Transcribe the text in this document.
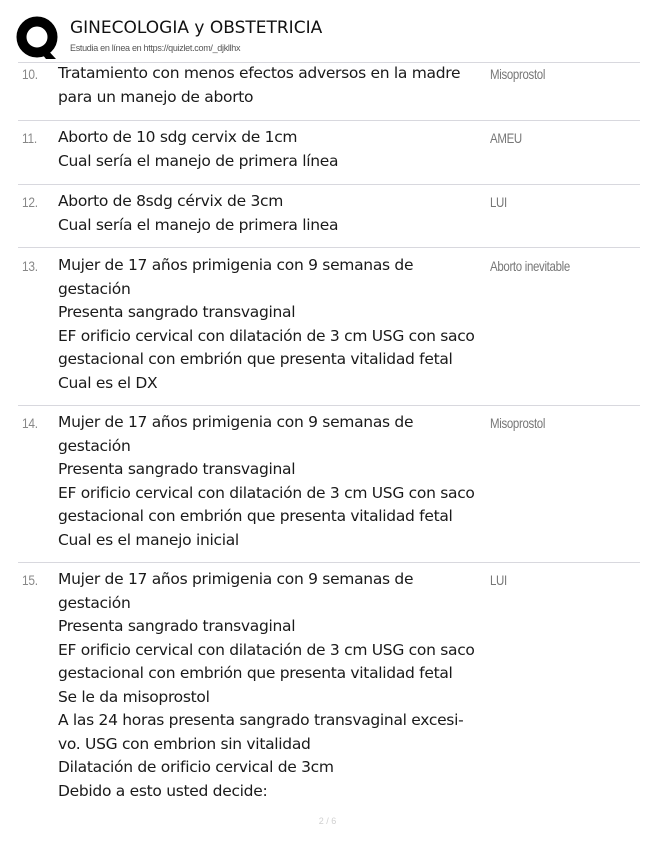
GINECOLOGIA y OBSTETRICIA
Estudia en línea en https://quizlet.com/_djkllhx
10. Tratamiento con menos efectos adversos en la madre
para un manejo de aborto
Misoprostol
11. Aborto de 10 sdg cervix de 1cm
Cual sería el manejo de primera línea
AMEU
12. Aborto de 8sdg cérvix de 3cm
Cual sería el manejo de primera linea
LUI
13. Mujer de 17 años primigenia con 9 semanas de
gestación
Presenta sangrado transvaginal
EF orificio cervical con dilatación de 3 cm USG con saco
gestacional con embrión que presenta vitalidad fetal
Cual es el DX
Aborto inevitable
14. Mujer de 17 años primigenia con 9 semanas de
gestación
Presenta sangrado transvaginal
EF orificio cervical con dilatación de 3 cm USG con saco
gestacional con embrión que presenta vitalidad fetal
Cual es el manejo inicial
Misoprostol
15. Mujer de 17 años primigenia con 9 semanas de
gestación
Presenta sangrado transvaginal
EF orificio cervical con dilatación de 3 cm USG con saco
gestacional con embrión que presenta vitalidad fetal
Se le da misoprostol
A las 24 horas presenta sangrado transvaginal excesi-
vo. USG con embrion sin vitalidad
Dilatación de orificio cervical de 3cm
Debido a esto usted decide:
LUI
2 / 6
